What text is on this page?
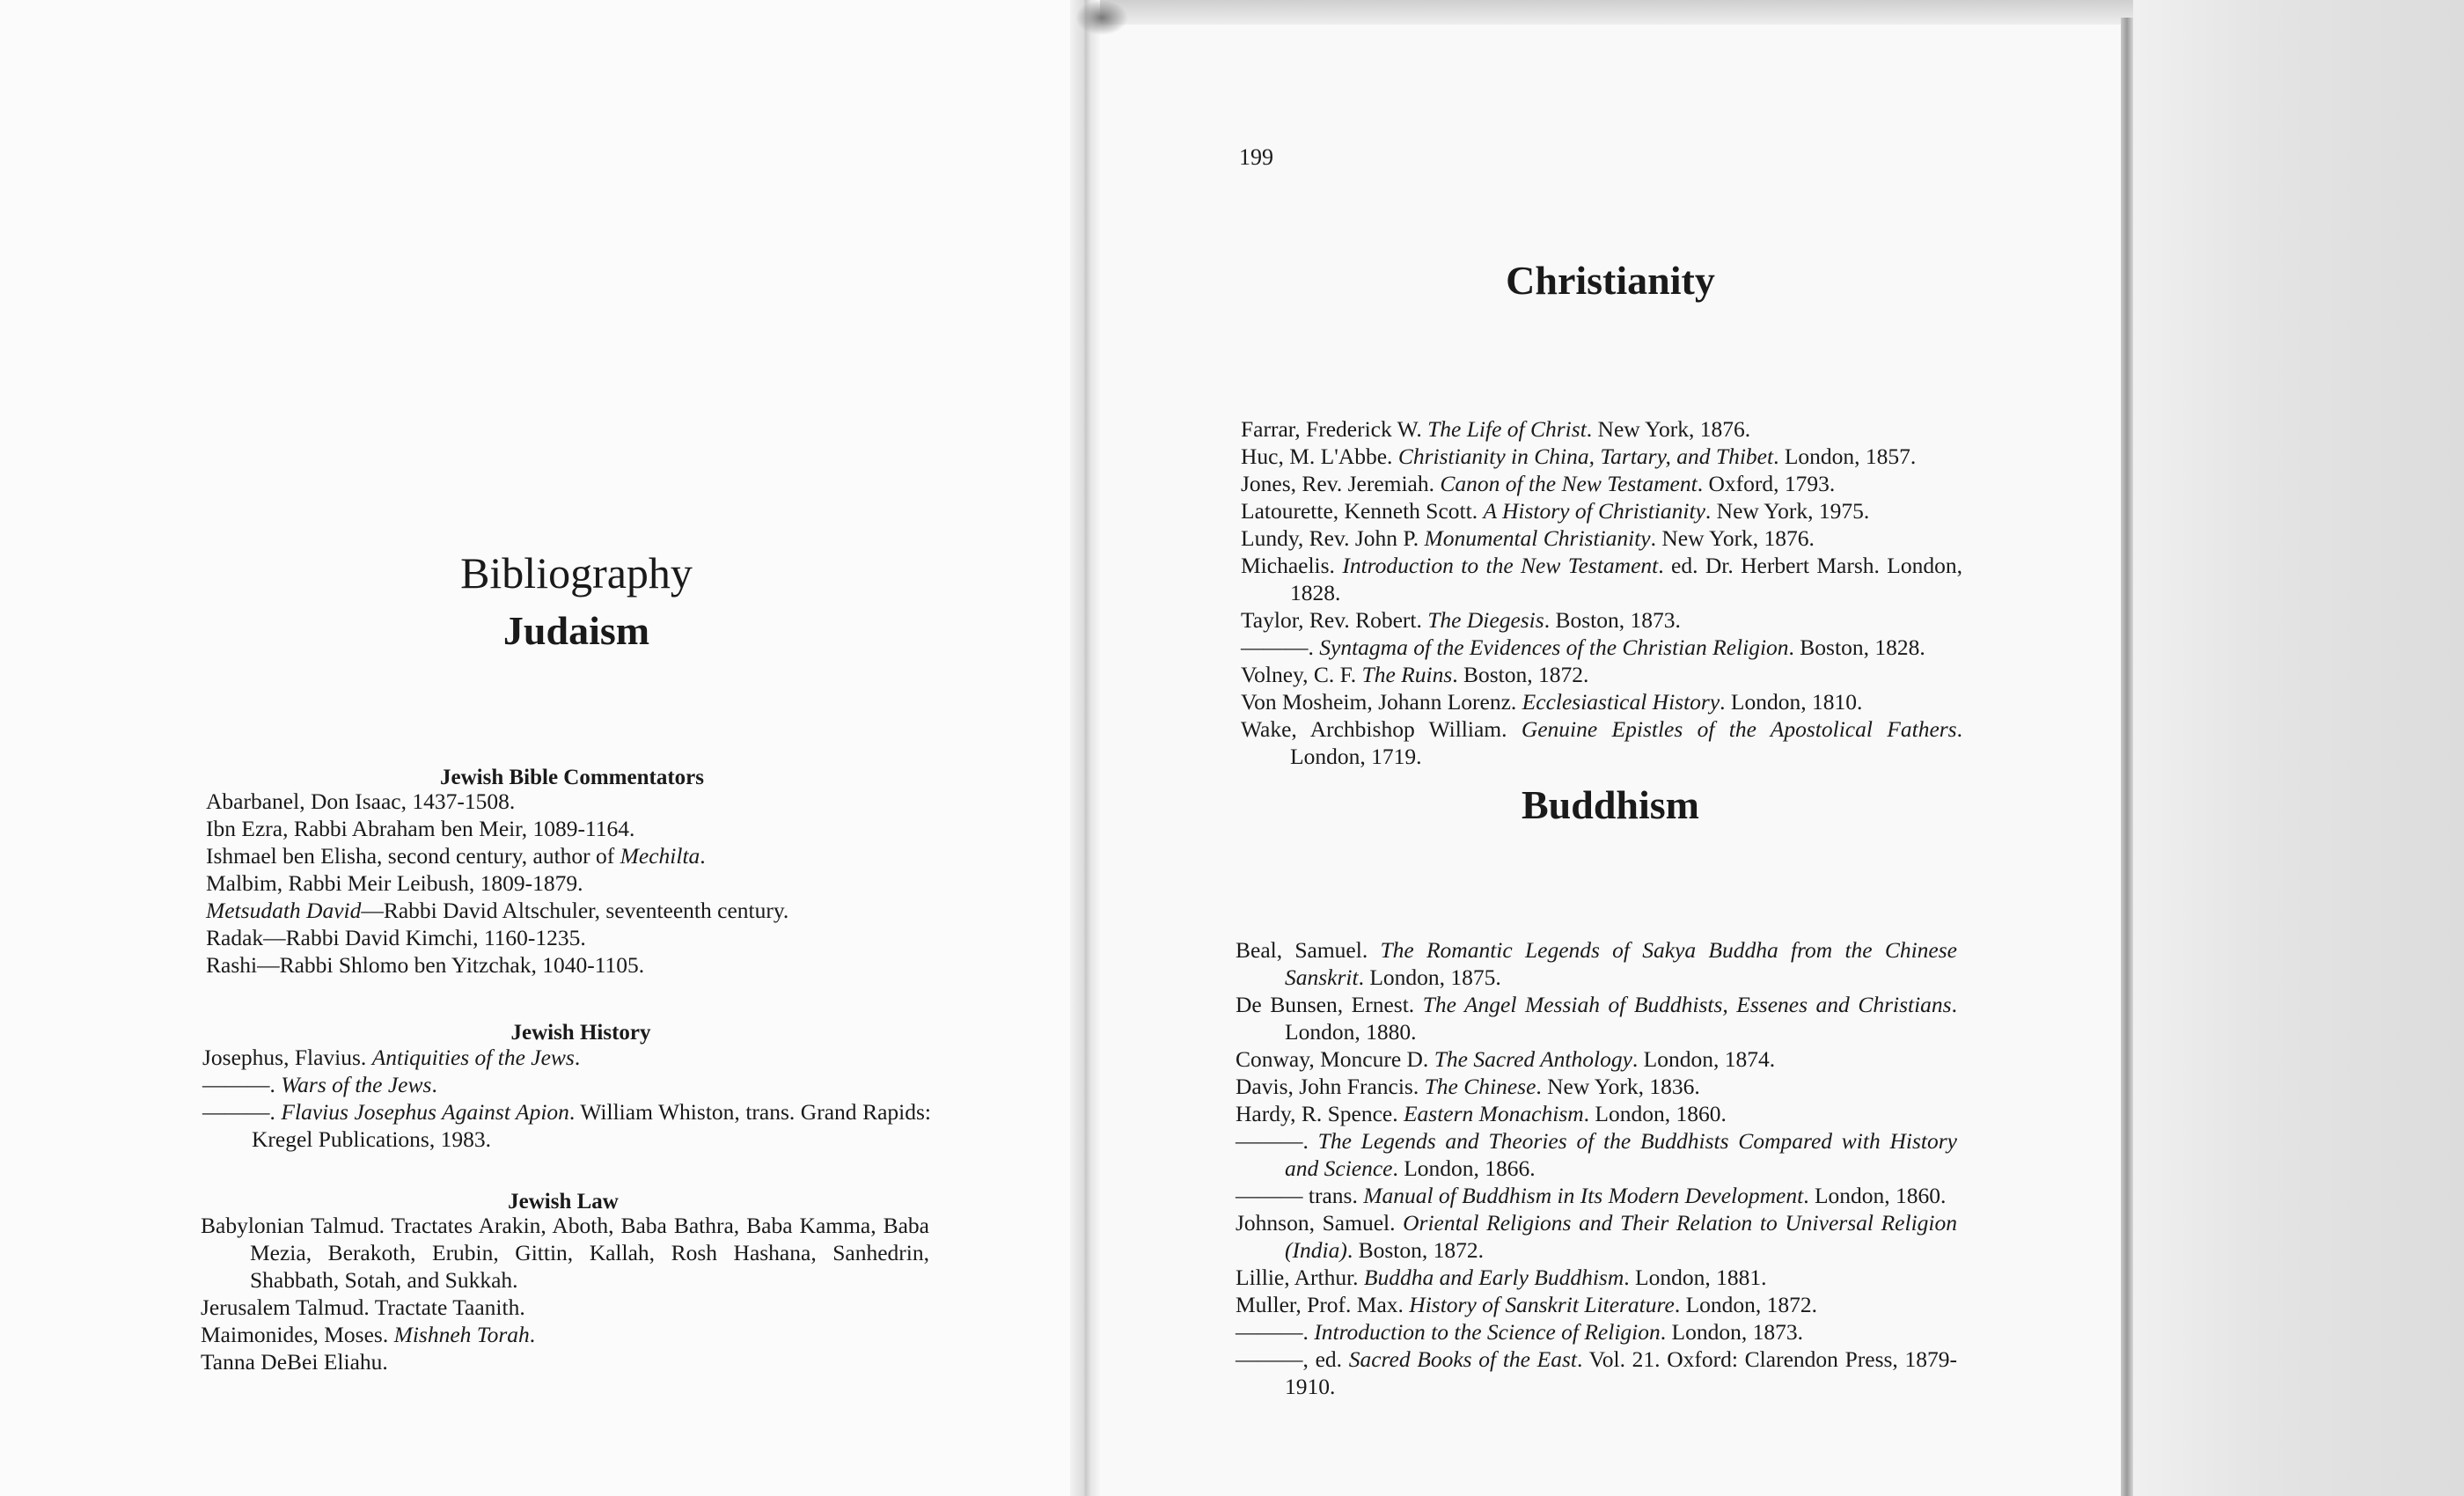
Bibliography
Judaism
Jewish Bible Commentators
Abarbanel, Don Isaac, 1437-1508.
Ibn Ezra, Rabbi Abraham ben Meir, 1089-1164.
Ishmael ben Elisha, second century, author of Mechilta.
Malbim, Rabbi Meir Leibush, 1809-1879.
Metsudath David—Rabbi David Altschuler, seventeenth century.
Radak—Rabbi David Kimchi, 1160-1235.
Rashi—Rabbi Shlomo ben Yitzchak, 1040-1105.
Jewish History
Josephus, Flavius. Antiquities of the Jews.
———. Wars of the Jews.
———. Flavius Josephus Against Apion. William Whiston, trans. Grand Rapids: Kregel Publications, 1983.
Jewish Law
Babylonian Talmud. Tractates Arakin, Aboth, Baba Bathra, Baba Kamma, Baba Mezia, Berakoth, Erubin, Gittin, Kallah, Rosh Hashana, Sanhedrin, Shabbath, Sotah, and Sukkah.
Jerusalem Talmud. Tractate Taanith.
Maimonides, Moses. Mishneh Torah.
Tanna DeBei Eliahu.
199
Christianity
Farrar, Frederick W. The Life of Christ. New York, 1876.
Huc, M. L'Abbe. Christianity in China, Tartary, and Thibet. London, 1857.
Jones, Rev. Jeremiah. Canon of the New Testament. Oxford, 1793.
Latourette, Kenneth Scott. A History of Christianity. New York, 1975.
Lundy, Rev. John P. Monumental Christianity. New York, 1876.
Michaelis. Introduction to the New Testament. ed. Dr. Herbert Marsh. London, 1828.
Taylor, Rev. Robert. The Diegesis. Boston, 1873.
———. Syntagma of the Evidences of the Christian Religion. Boston, 1828.
Volney, C. F. The Ruins. Boston, 1872.
Von Mosheim, Johann Lorenz. Ecclesiastical History. London, 1810.
Wake, Archbishop William. Genuine Epistles of the Apostolical Fathers. London, 1719.
Buddhism
Beal, Samuel. The Romantic Legends of Sakya Buddha from the Chinese Sanskrit. London, 1875.
De Bunsen, Ernest. The Angel Messiah of Buddhists, Essenes and Christians. London, 1880.
Conway, Moncure D. The Sacred Anthology. London, 1874.
Davis, John Francis. The Chinese. New York, 1836.
Hardy, R. Spence. Eastern Monachism. London, 1860.
———. The Legends and Theories of the Buddhists Compared with History and Science. London, 1866.
——— trans. Manual of Buddhism in Its Modern Development. London, 1860.
Johnson, Samuel. Oriental Religions and Their Relation to Universal Religion (India). Boston, 1872.
Lillie, Arthur. Buddha and Early Buddhism. London, 1881.
Muller, Prof. Max. History of Sanskrit Literature. London, 1872.
———. Introduction to the Science of Religion. London, 1873.
———, ed. Sacred Books of the East. Vol. 21. Oxford: Clarendon Press, 1879-1910.
